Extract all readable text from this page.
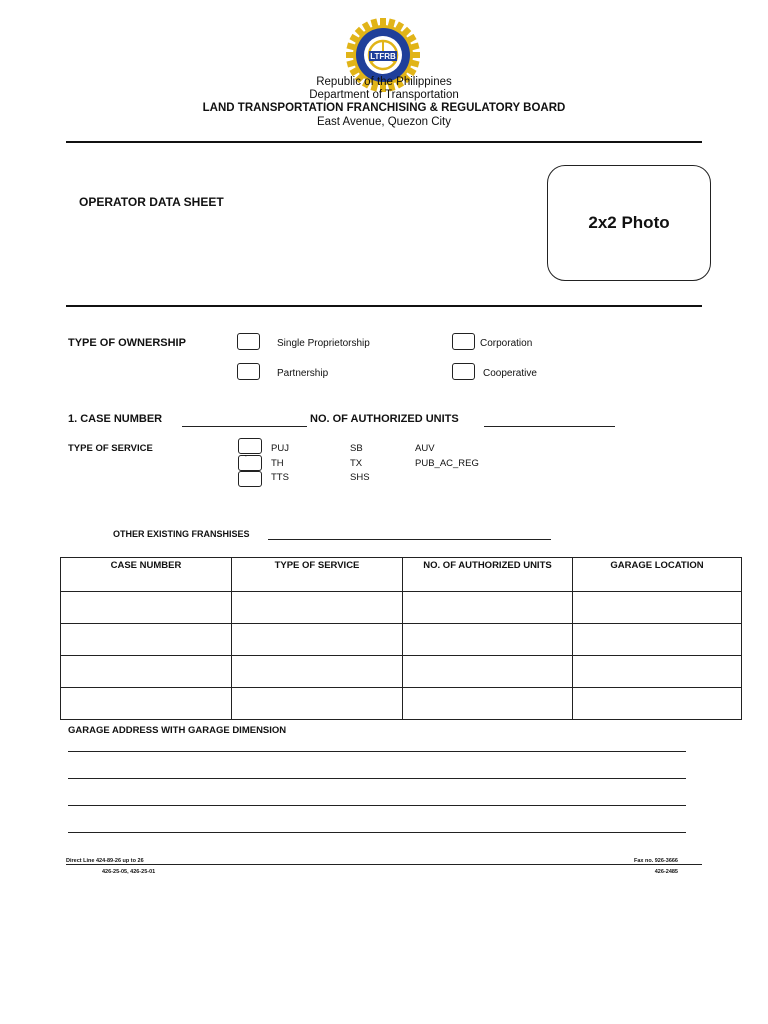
LTFRB
Republic of the Philippines
Department of Transportation
LAND TRANSPORTATION FRANCHISING & REGULATORY BOARD
East Avenue, Quezon City
OPERATOR DATA SHEET
2x2 Photo
TYPE OF OWNERSHIP	Single Proprietorship	Corporation
Partnership	Cooperative
1. CASE NUMBER	NO. OF AUTHORIZED UNITS
TYPE OF SERVICE
`
PUJ	SB	AUV
TH	TX	PUB_AC_REG
TTS	SHS
OTHER EXISTING FRANSHISES
CASE NUMBER	TYPE OF SERVICE	NO. OF AUTHORIZED UNITS	GARAGE LOCATION

GARAGE ADDRESS WITH GARAGE DIMENSION
Direct Line 424-89-26 up to 26
426-25-05, 426-25-01
Fax no. 926-3666
426-2485
